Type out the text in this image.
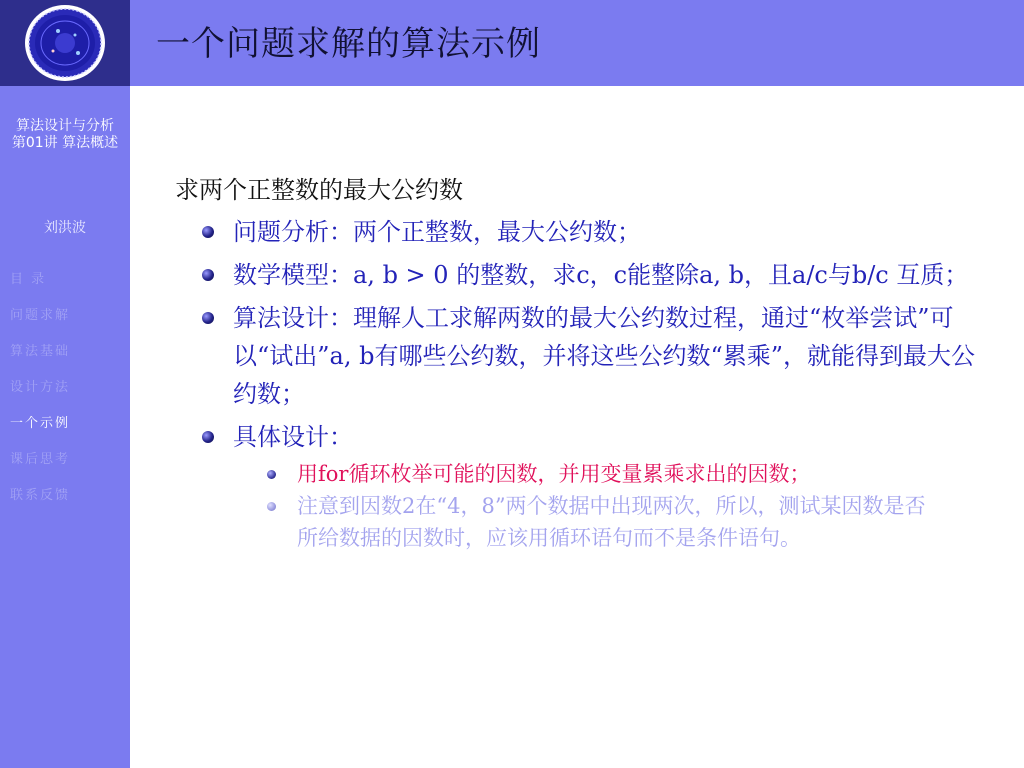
算法设计与分析
第01讲 算法概述
刘洪波
目 录
问题求解
算法基础
设计方法
一个示例
课后思考
联系反馈
一个问题求解的算法示例
求两个正整数的最大公约数
问题分析：两个正整数，最大公约数；
数学模型：a, b > 0 的整数，求c，c能整除a, b，且a/c与b/c 互质；
算法设计：理解人工求解两数的最大公约数过程，通过“枚举尝试”可以“试出”a, b有哪些公约数，并将这些公约数“累乘”，就能得到最大公约数；
具体设计：
用for循环枚举可能的因数，并用变量累乘求出的因数；
注意到因数2在“4，8”两个数据中出现两次，所以，测试某因数是否所给数据的因数时，应该用循环语句而不是条件语句。
